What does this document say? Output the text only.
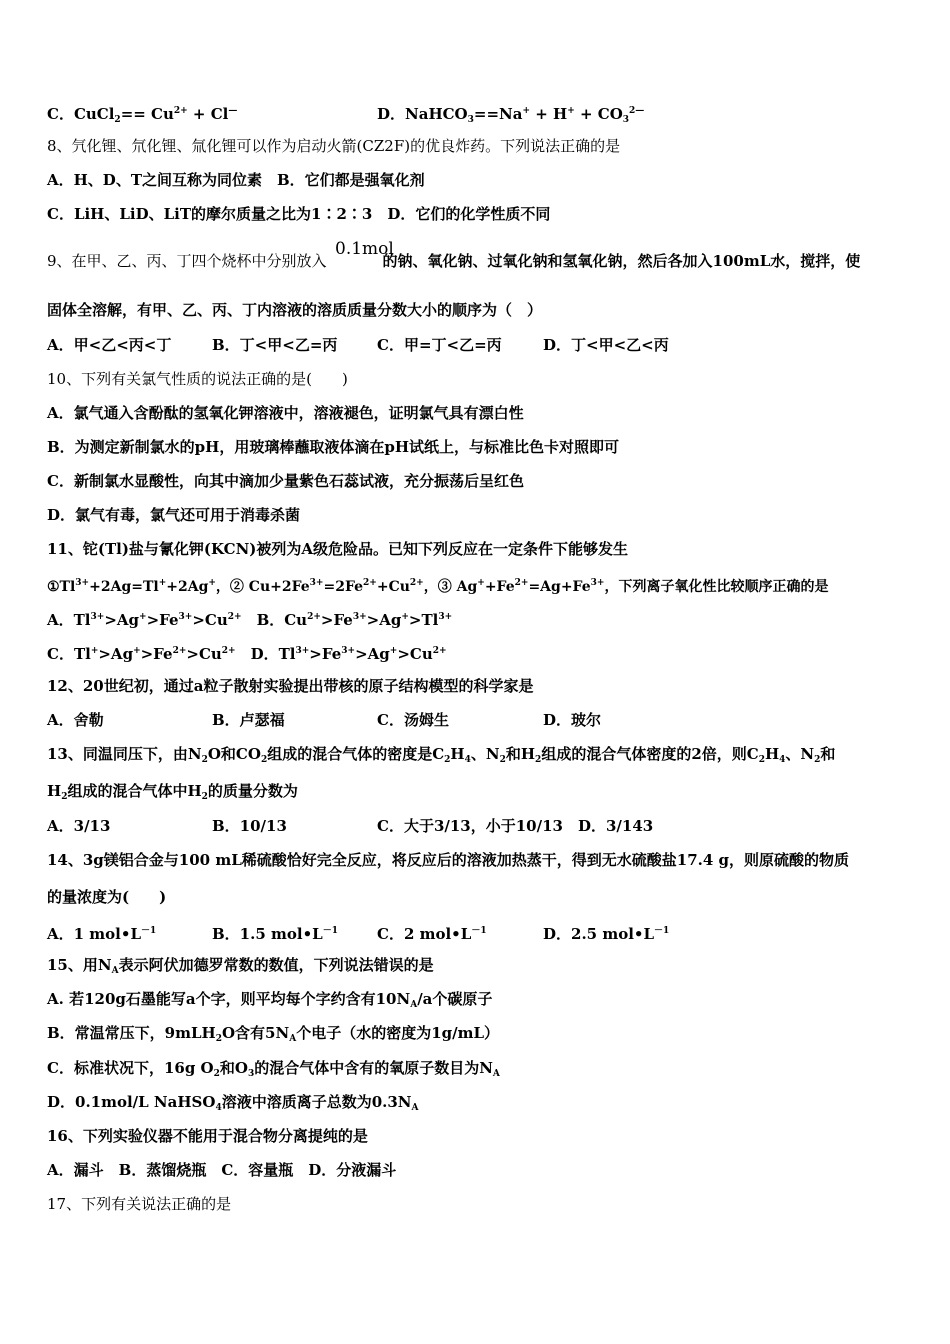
C．CuCl$_2$== $Cu^{2+} + Cl^—$	D．NaHCO$_3$==Na+ + $H^+ + CO_3^{2—}$
8、氕化锂、氘化锂、氚化锂可以作为启动火箭(CZ2F)的优良炸药。下列说法正确的是
A．H、D、T之间互称为同位素　B．它们都是强氧化剂
C．LiH、LiD、LiT的摩尔质量之比为1∶2∶3　D．它们的化学性质不同
9、在甲、乙、丙、丁四个烧杯中分别放入	的钠、氧化钠、过氧化钠和氢氧化钠，然后各加入100mL水，搅拌，使
0.1mol
固体全溶解，有甲、乙、丙、丁内溶液的溶质质量分数大小的顺序为（　）
A．甲<乙<丙<丁	B．丁<甲<乙=丙	C．甲=丁<乙=丙	D．丁<甲<乙<丙
10、下列有关氯气性质的说法正确的是(　　)
A．氯气通入含酚酞的氢氧化钾溶液中，溶液褪色，证明氯气具有漂白性
B．为测定新制氯水的pH，用玻璃棒蘸取液体滴在pH试纸上，与标准比色卡对照即可
C．新制氯水显酸性，向其中滴加少量紫色石蕊试液，充分振荡后呈红色
D．氯气有毒，氯气还可用于消毒杀菌
11、铊(Tl)盐与氰化钾(KCN)被列为A级危险品。已知下列反应在一定条件下能够发生
$①Tl^{3+}+2Ag=Tl^++2Ag^+$，② $Cu+2Fe^{3+}=2Fe^{2+}+Cu^{2+}$，③ $Ag^++Fe^{2+}=Ag+Fe^{3+}$，下列离子氧化性比较顺序正确的是
A．$Tl^{3+}>Ag^+>Fe^{3+}>Cu^{2+}$　B．$Cu^{2+}>Fe^{3+}>Ag^+>Tl^{3+}$
C．$Tl^+>Ag^+>Fe^{2+}>Cu^{2+}$　D．$Tl^{3+}>Fe^{3+}>Ag^+>Cu^{2+}$
12、20世纪初，通过a粒子散射实验提出带核的原子结构模型的科学家是
A．舍勒	B．卢瑟福	C．汤姆生	D．玻尔
13、同温同压下，由$N_2O$和$CO_2$组成的混合气体的密度是$C_2H_4$、$N_2$和$H_2$组成的混合气体密度的2倍，则$C_2H_4$、$N_2$和
$H_2$组成的混合气体中$H_2$的质量分数为
A．3/13	B．10/13	C．大于3/13，小于10/13　D．3/143
14、3g镁铝合金与100 mL稀硫酸恰好完全反应，将反应后的溶液加热蒸干，得到无水硫酸盐17.4 g，则原硫酸的物质
的量浓度为(　　)
A．1 $mol•L^{-1}$	B．1.5 $mol•L^{-1}$	C．2 $mol•L^{-1}$	D．2.5 $mol•L^{-1}$
15、用$N_A$表示阿伏加德罗常数的数值，下列说法错误的是
A. 若120g石墨能写a个字，则平均每个字约含有$10N_A/a$个碳原子
B．常温常压下，9mLH$_2$O含有$5N_A$个电子（水的密度为1g/mL）
C．标准状况下，16g $O_2$和$O_3$的混合气体中含有的氧原子数目为$N_A$
D．0.1mol/L NaHSO$_4$溶液中溶质离子总数为$0.3N_A$
16、下列实验仪器不能用于混合物分离提纯的是
A．漏斗　B．蒸馏烧瓶　C．容量瓶　D．分液漏斗
17、下列有关说法正确的是
